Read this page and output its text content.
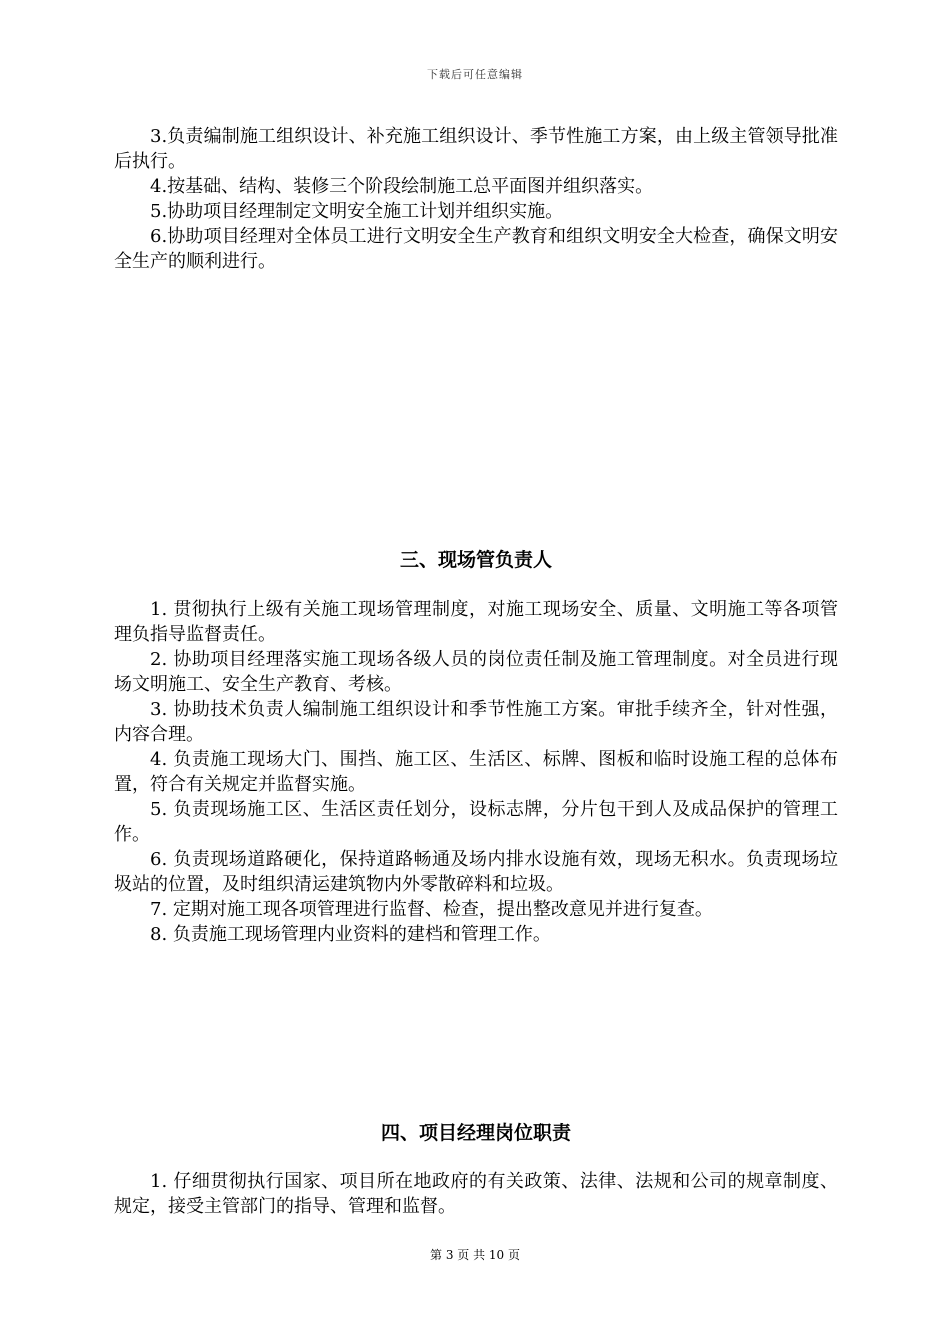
下载后可任意编辑

3.负责编制施工组织设计、补充施工组织设计、季节性施工方案，由上级主管领导批准后执行。

4.按基础、结构、装修三个阶段绘制施工总平面图并组织落实。

5.协助项目经理制定文明安全施工计划并组织实施。

6.协助项目经理对全体员工进行文明安全生产教育和组织文明安全大检查，确保文明安全生产的顺利进行。

三、现场管负责人

1. 贯彻执行上级有关施工现场管理制度，对施工现场安全、质量、文明施工等各项管理负指导监督责任。

2. 协助项目经理落实施工现场各级人员的岗位责任制及施工管理制度。对全员进行现场文明施工、安全生产教育、考核。

3. 协助技术负责人编制施工组织设计和季节性施工方案。审批手续齐全，针对性强，内容合理。

4. 负责施工现场大门、围挡、施工区、生活区、标牌、图板和临时设施工程的总体布置，符合有关规定并监督实施。

5. 负责现场施工区、生活区责任划分，设标志牌，分片包干到人及成品保护的管理工作。

6. 负责现场道路硬化，保持道路畅通及场内排水设施有效，现场无积水。负责现场垃圾站的位置，及时组织清运建筑物内外零散碎料和垃圾。

7. 定期对施工现各项管理进行监督、检查，提出整改意见并进行复查。

8. 负责施工现场管理内业资料的建档和管理工作。

四、项目经理岗位职责

1. 仔细贯彻执行国家、项目所在地政府的有关政策、法律、法规和公司的规章制度、规定，接受主管部门的指导、管理和监督。

第 3 页 共 10 页
